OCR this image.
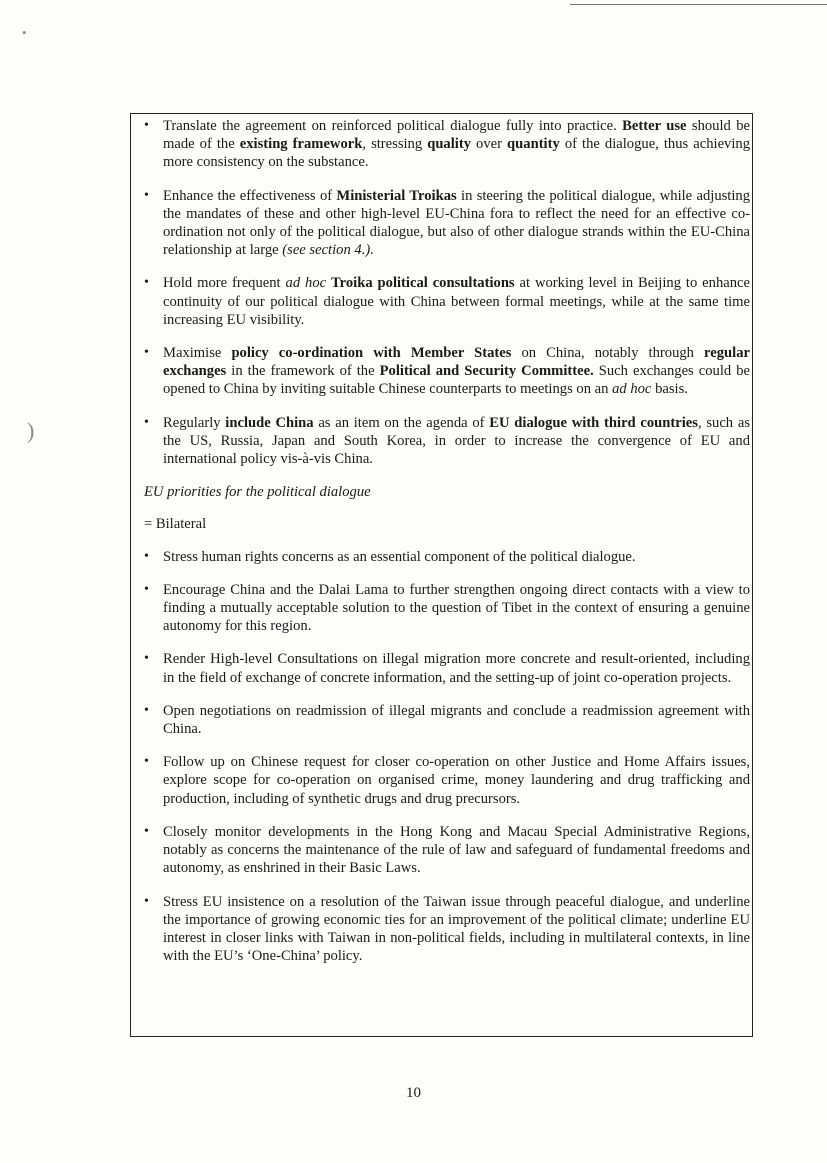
•
)
• Translate the agreement on reinforced political dialogue fully into practice. Better use should be made of the existing framework, stressing quality over quantity of the dialogue, thus achieving more consistency on the substance.
• Enhance the effectiveness of Ministerial Troikas in steering the political dialogue, while adjusting the mandates of these and other high-level EU-China fora to reflect the need for an effective co-ordination not only of the political dialogue, but also of other dialogue strands within the EU-China relationship at large (see section 4.).
• Hold more frequent ad hoc Troika political consultations at working level in Beijing to enhance continuity of our political dialogue with China between formal meetings, while at the same time increasing EU visibility.
• Maximise policy co-ordination with Member States on China, notably through regular exchanges in the framework of the Political and Security Committee. Such exchanges could be opened to China by inviting suitable Chinese counterparts to meetings on an ad hoc basis.
• Regularly include China as an item on the agenda of EU dialogue with third countries, such as the US, Russia, Japan and South Korea, in order to increase the convergence of EU and international policy vis-à-vis China.

EU priorities for the political dialogue

= Bilateral

• Stress human rights concerns as an essential component of the political dialogue.
• Encourage China and the Dalai Lama to further strengthen ongoing direct contacts with a view to finding a mutually acceptable solution to the question of Tibet in the context of ensuring a genuine autonomy for this region.
• Render High-level Consultations on illegal migration more concrete and result-oriented, including in the field of exchange of concrete information, and the setting-up of joint co-operation projects.
• Open negotiations on readmission of illegal migrants and conclude a readmission agreement with China.
• Follow up on Chinese request for closer co-operation on other Justice and Home Affairs issues, explore scope for co-operation on organised crime, money laundering and drug trafficking and production, including of synthetic drugs and drug precursors.
• Closely monitor developments in the Hong Kong and Macau Special Administrative Regions, notably as concerns the maintenance of the rule of law and safeguard of fundamental freedoms and autonomy, as enshrined in their Basic Laws.
• Stress EU insistence on a resolution of the Taiwan issue through peaceful dialogue, and underline the importance of growing economic ties for an improvement of the political climate; underline EU interest in closer links with Taiwan in non-political fields, including in multilateral contexts, in line with the EU’s ‘One-China’ policy.
10
